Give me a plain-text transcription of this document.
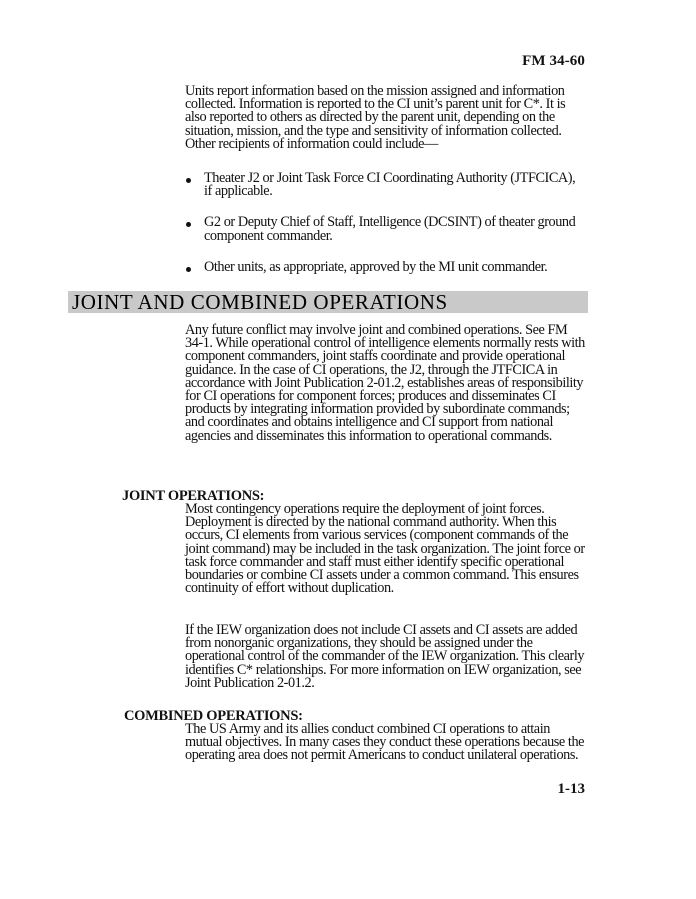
FM 34-60

Units report information based on the mission assigned and information collected. Information is reported to the CI unit’s parent unit for C*. It is also reported to others as directed by the parent unit, depending on the situation, mission, and the type and sensitivity of information collected. Other recipients of information could include—

Theater J2 or Joint Task Force CI Coordinating Authority (JTFCICA), if applicable.
G2 or Deputy Chief of Staff, Intelligence (DCSINT) of theater ground component commander.
Other units, as appropriate, approved by the MI unit commander.
JOINT AND COMBINED OPERATIONS

Any future conflict may involve joint and combined operations. See FM 34-1. While operational control of intelligence elements normally rests with component commanders, joint staffs coordinate and provide operational guidance. In the case of CI operations, the J2, through the JTFCICA in accordance with Joint Publication 2-01.2, establishes areas of responsibility for CI operations for component forces; produces and disseminates CI products by integrating information provided by subordinate commands; and coordinates and obtains intelligence and CI support from national agencies and disseminates this information to operational commands.

JOINT OPERATIONS:

Most contingency operations require the deployment of joint forces. Deployment is directed by the national command authority. When this occurs, CI elements from various services (component commands of the joint command) may be included in the task organization. The joint force or task force commander and staff must either identify specific operational boundaries or combine CI assets under a common command. This ensures continuity of effort without duplication.

If the IEW organization does not include CI assets and CI assets are added from nonorganic organizations, they should be assigned under the operational control of the commander of the IEW organization. This clearly identifies C* relationships. For more information on IEW organization, see Joint Publication 2-01.2.

COMBINED OPERATIONS:

The US Army and its allies conduct combined CI operations to attain mutual objectives. In many cases they conduct these operations because the operating area does not permit Americans to conduct unilateral operations.

1-13
